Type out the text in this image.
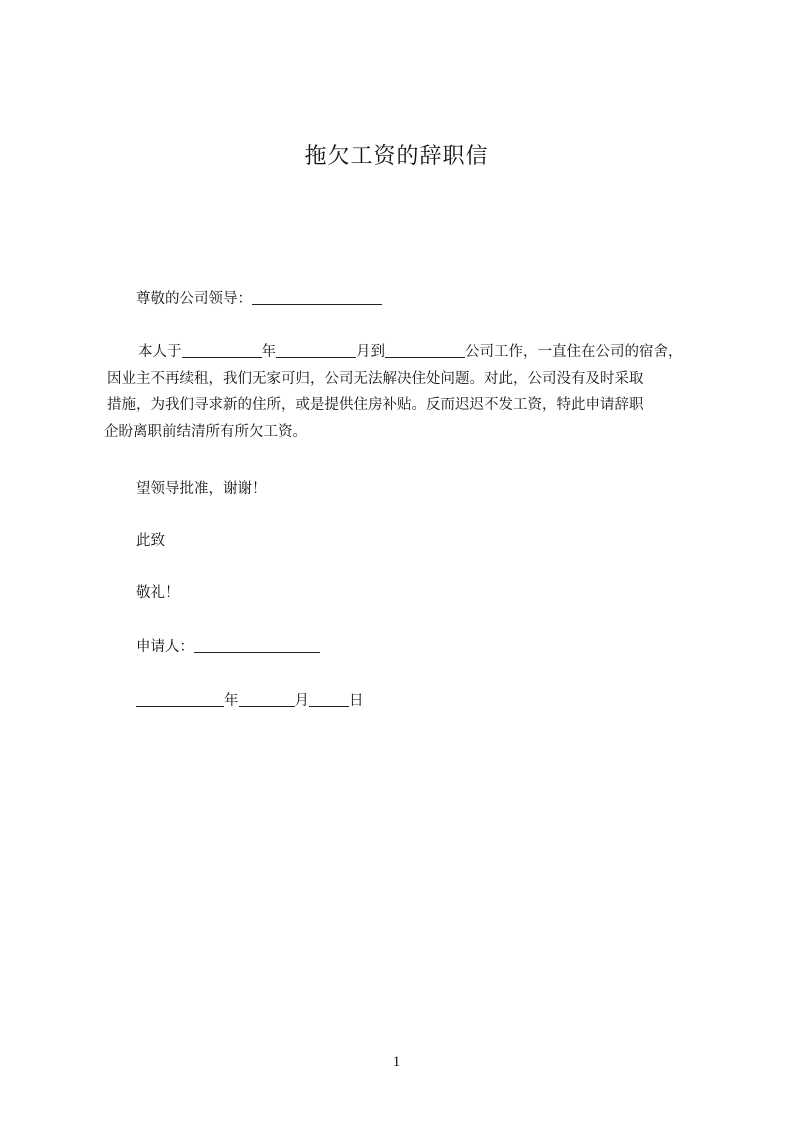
拖欠工资的辞职信
尊敬的公司领导：
本人于	年	月到	公司工作，一直住在公司的宿舍，
因业主不再续租，我们无家可归，公司无法解决住处问题。对此，公司没有及时采取
措施，为我们寻求新的住所，或是提供住房补贴。反而迟迟不发工资，特此申请辞职
企盼离职前结清所有所欠工资。
望领导批准，谢谢！
此致
敬礼！
申请人：
年	月	日
1
